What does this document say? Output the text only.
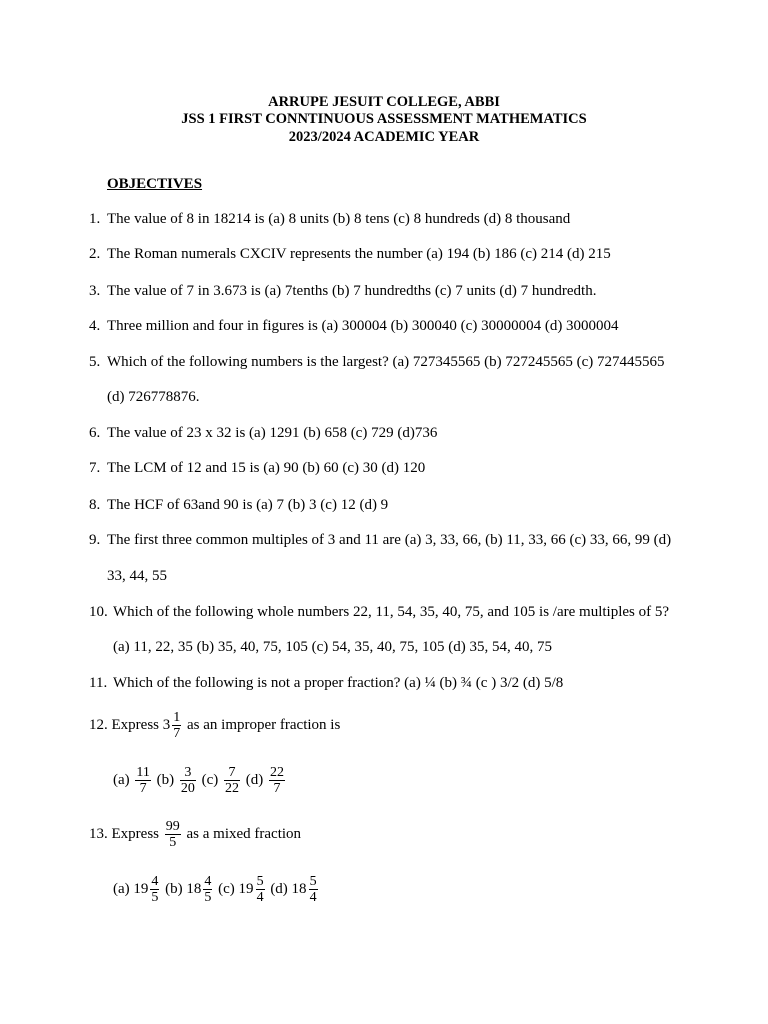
ARRUPE JESUIT COLLEGE, ABBI
JSS 1 FIRST CONNTINUOUS ASSESSMENT MATHEMATICS
2023/2024 ACADEMIC YEAR
OBJECTIVES
1. The value of 8 in 18214 is (a) 8 units (b) 8 tens (c) 8 hundreds (d) 8 thousand
2. The Roman numerals CXCIV represents the number (a) 194 (b) 186 (c) 214 (d) 215
3. The value of 7 in 3.673 is (a) 7tenths (b) 7 hundredths (c) 7 units (d) 7 hundredth.
4. Three million and four in figures is (a) 300004 (b) 300040 (c) 30000004 (d) 3000004
5. Which of the following numbers is the largest? (a) 727345565 (b) 727245565 (c) 727445565
(d) 726778876.
6. The value of 23 x 32 is (a) 1291 (b) 658 (c) 729 (d)736
7. The LCM of 12 and 15 is (a) 90 (b) 60 (c) 30 (d) 120
8. The HCF of 63and 90 is (a) 7 (b) 3 (c) 12 (d) 9
9. The first three common multiples of 3 and 11 are (a) 3, 33, 66, (b) 11, 33, 66 (c) 33, 66, 99 (d)
33, 44, 55
10. Which of the following whole numbers 22, 11, 54, 35, 40, 75, and 105 is /are multiples of 5?
(a) 11, 22, 35 (b) 35, 40, 75, 105 (c) 54, 35, 40, 75, 105 (d) 35, 54, 40, 75
11. Which of the following is not a proper fraction? (a) ¼ (b) ¾ (c ) 3/2 (d) 5/8
12. Express $3 \frac{1}{7}$ as an improper fraction is
$(a) \frac{11}{7} (b) \frac{3}{20} (c) \frac{7}{22} (d) \frac{22}{7}$
13. Express $\frac{99}{5}$ as a mixed fraction
(a) $19 \frac{4}{5} (b)$ $18 \frac{4}{5} (c)$ $19 \frac{5}{4} (d)$ $18 \frac{5}{4}$
